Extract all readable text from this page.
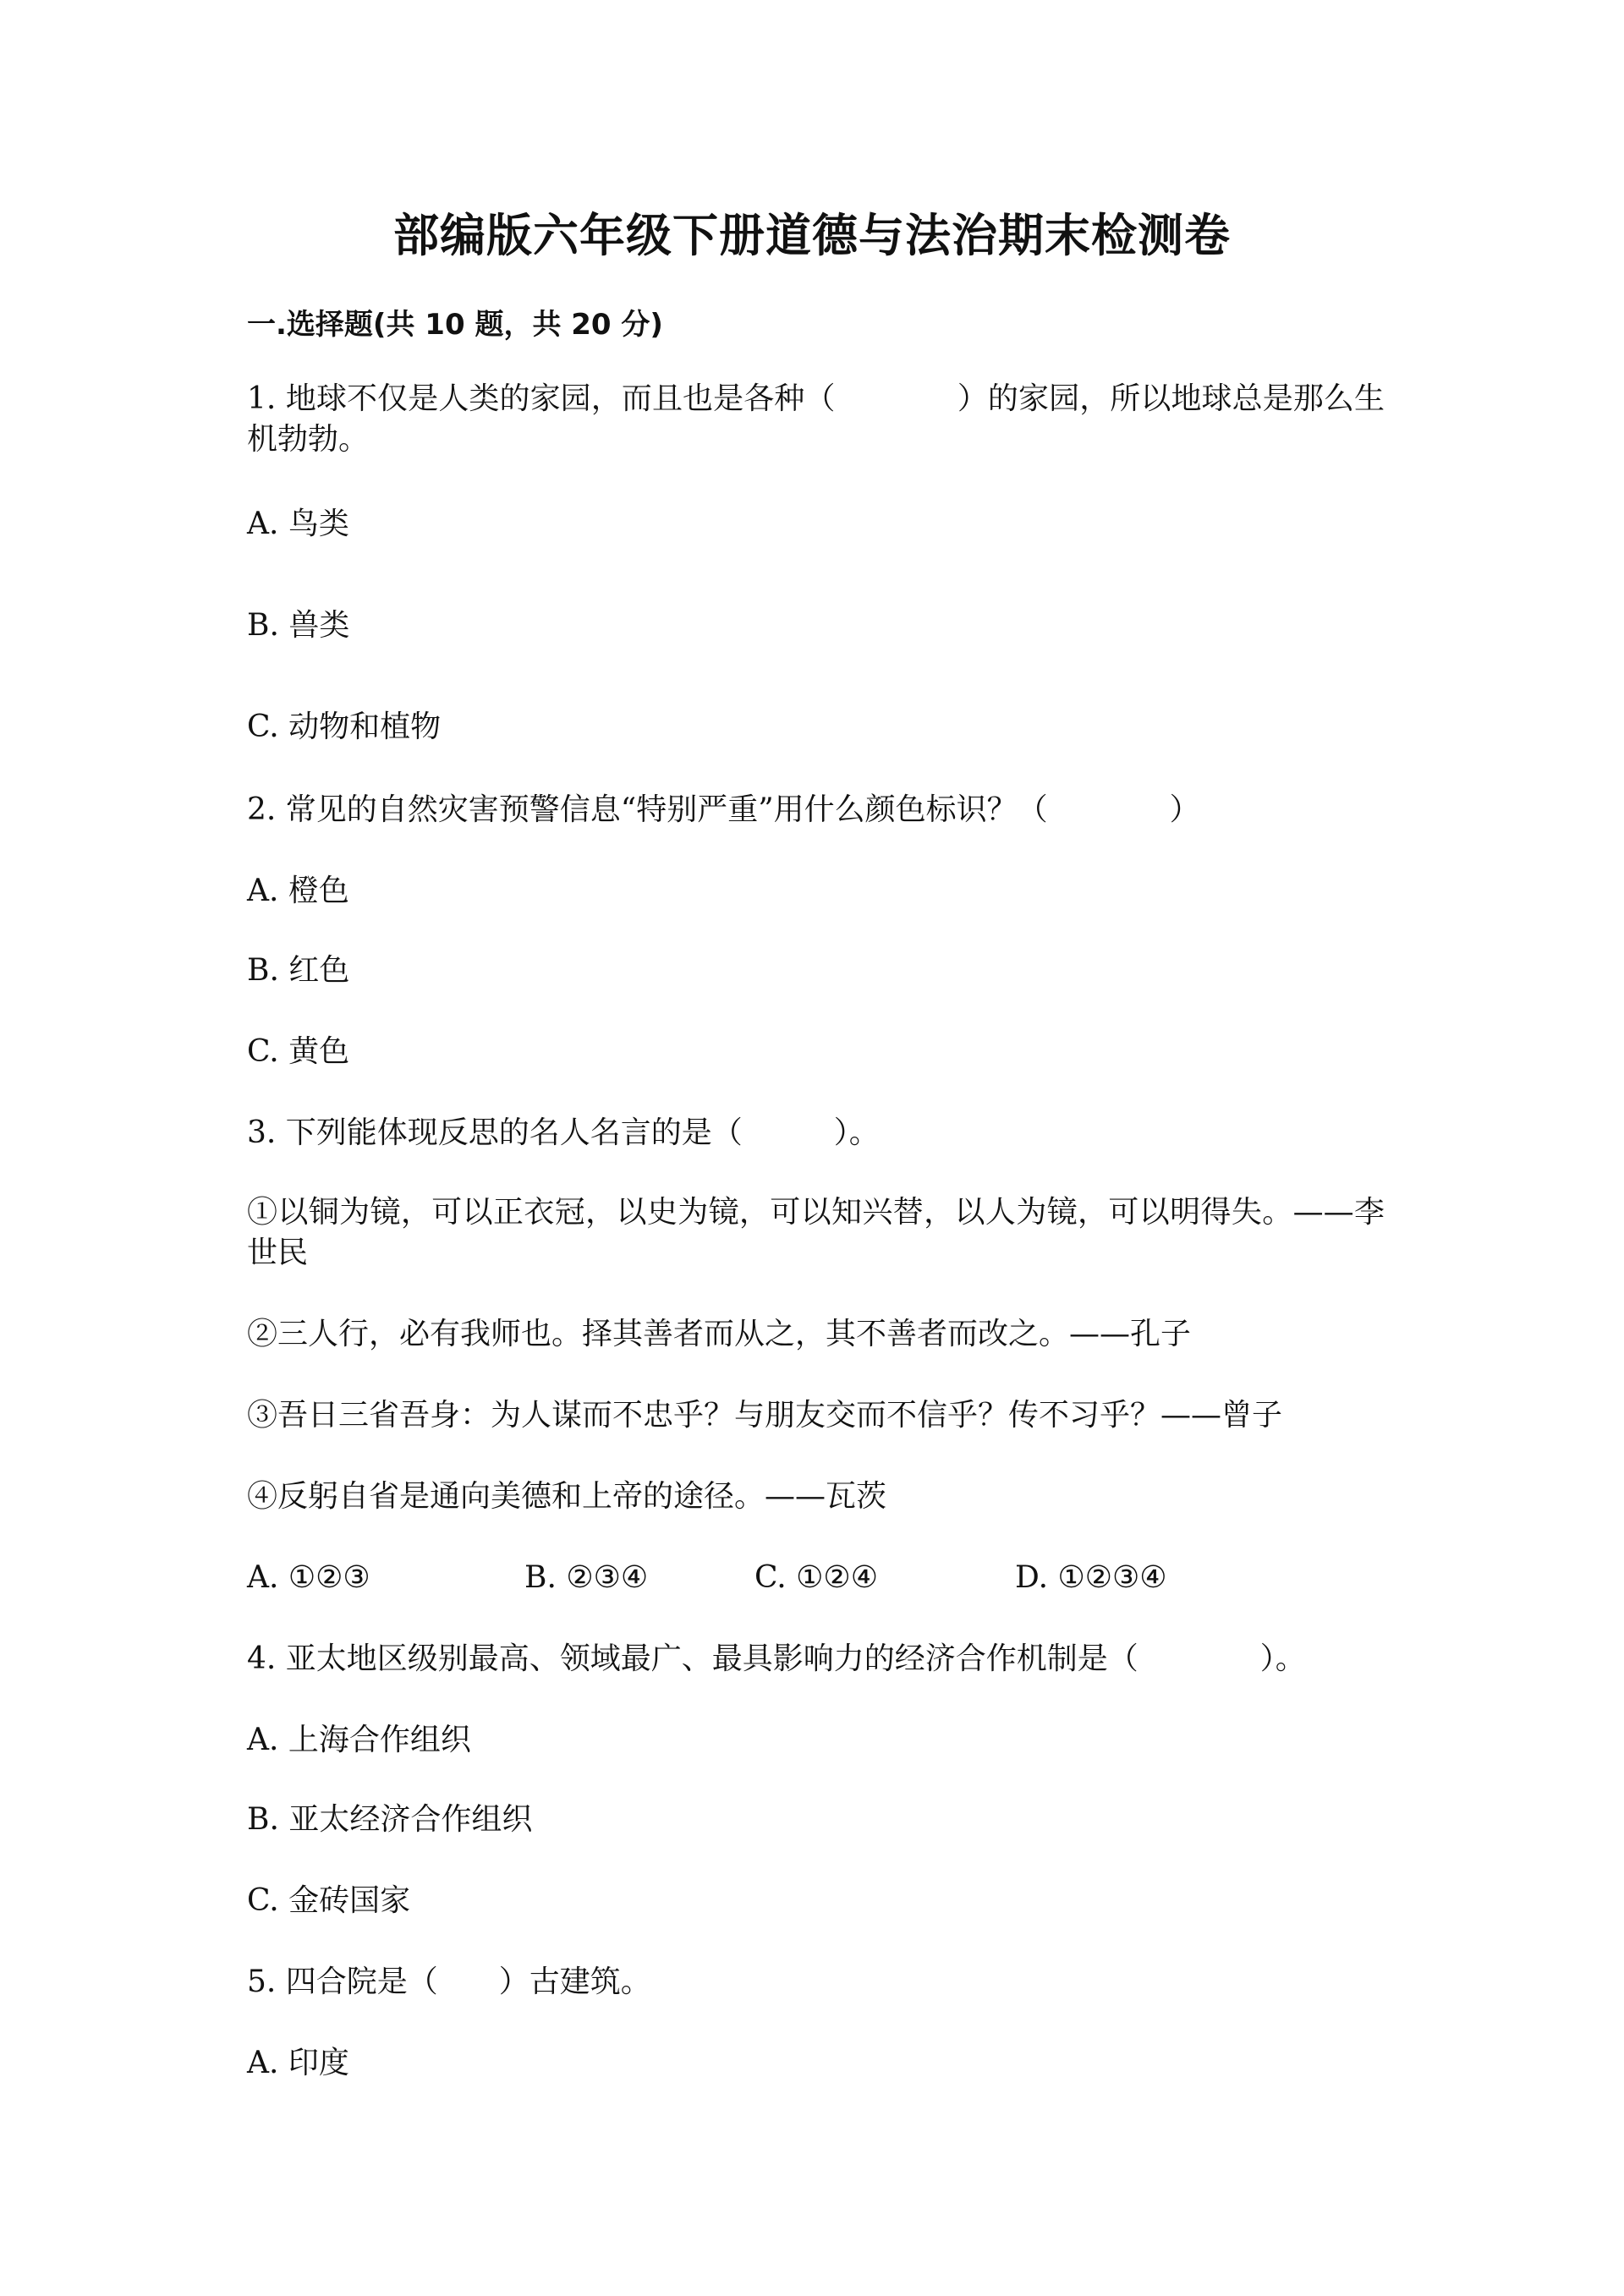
部编版六年级下册道德与法治期末检测卷
一.选择题(共 10 题，共 20 分)
1. 地球不仅是人类的家园，而且也是各种（　　　　）的家园，所以地球总是那么生机勃勃。
A. 鸟类
B. 兽类
C. 动物和植物
2. 常见的自然灾害预警信息“特别严重”用什么颜色标识？（　　　　）
A. 橙色
B. 红色
C. 黄色
3. 下列能体现反思的名人名言的是（　　　）。
①以铜为镜，可以正衣冠，以史为镜，可以知兴替，以人为镜，可以明得失。——李世民
②三人行，必有我师也。择其善者而从之，其不善者而改之。——孔子
③吾日三省吾身：为人谋而不忠乎？与朋友交而不信乎？传不习乎？——曾子
④反躬自省是通向美德和上帝的途径。——瓦茨
A. ①②③	B. ②③④	C. ①②④	D. ①②③④
4. 亚太地区级别最高、领域最广、最具影响力的经济合作机制是（　　　　）。
A. 上海合作组织
B. 亚太经济合作组织
C. 金砖国家
5. 四合院是（　　）古建筑。
A. 印度
